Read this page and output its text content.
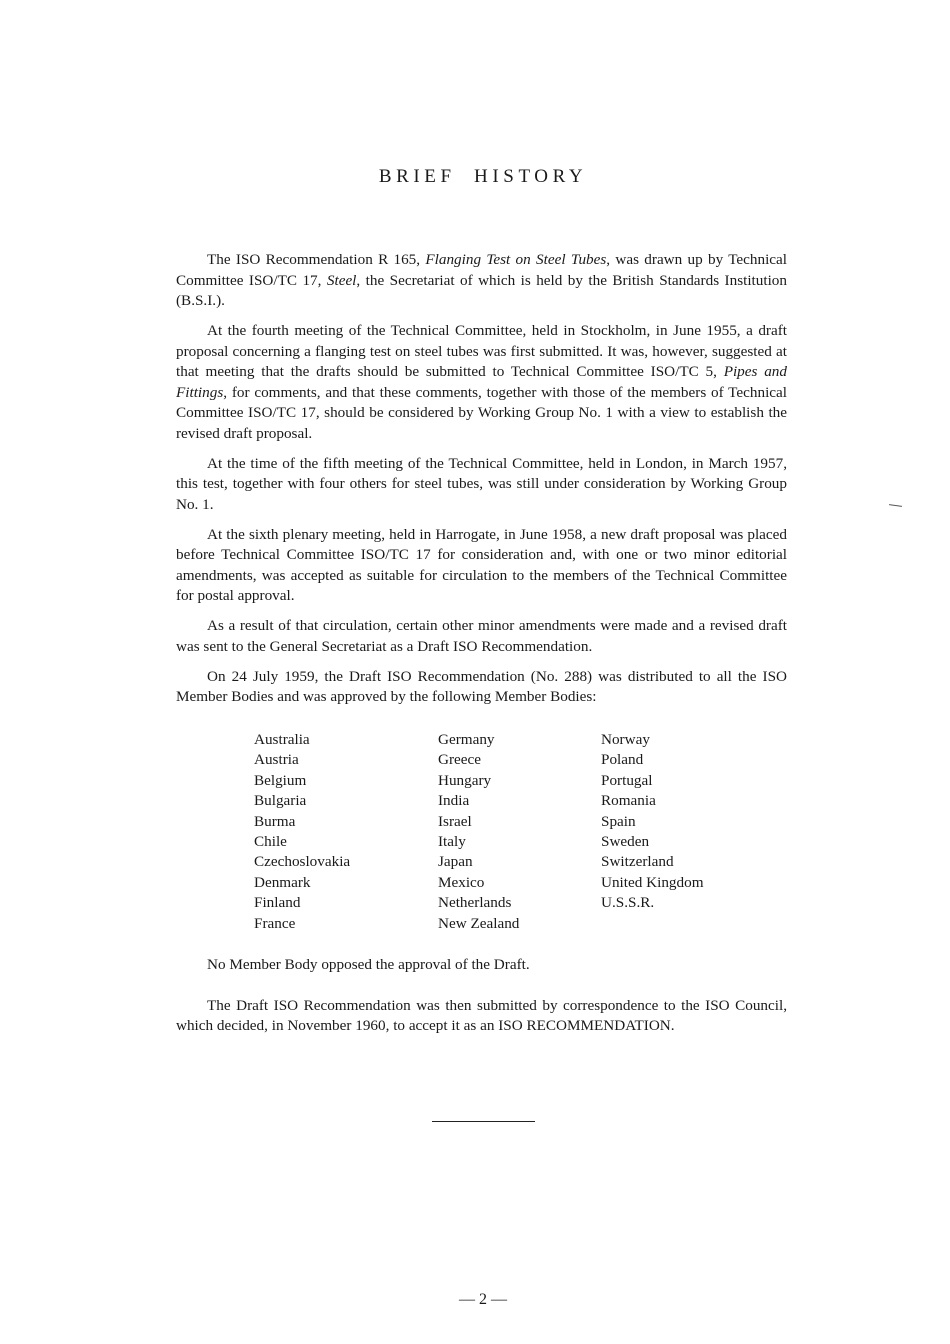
BRIEF HISTORY

The ISO Recommendation R 165, Flanging Test on Steel Tubes, was drawn up by Technical Committee ISO/TC 17, Steel, the Secretariat of which is held by the British Standards Institution (B.S.I.).

At the fourth meeting of the Technical Committee, held in Stockholm, in June 1955, a draft proposal concerning a flanging test on steel tubes was first submitted. It was, however, suggested at that meeting that the drafts should be submitted to Technical Committee ISO/TC 5, Pipes and Fittings, for comments, and that these comments, together with those of the members of Technical Committee ISO/TC 17, should be considered by Working Group No. 1 with a view to establish the revised draft proposal.

At the time of the fifth meeting of the Technical Committee, held in London, in March 1957, this test, together with four others for steel tubes, was still under consideration by Working Group No. 1.

At the sixth plenary meeting, held in Harrogate, in June 1958, a new draft proposal was placed before Technical Committee ISO/TC 17 for consideration and, with one or two minor editorial amendments, was accepted as suitable for circulation to the members of the Technical Committee for postal approval.

As a result of that circulation, certain other minor amendments were made and a revised draft was sent to the General Secretariat as a Draft ISO Recommendation.

On 24 July 1959, the Draft ISO Recommendation (No. 288) was distributed to all the ISO Member Bodies and was approved by the following Member Bodies:

Australia
Austria
Belgium
Bulgaria
Burma
Chile
Czechoslovakia
Denmark
Finland
France
Germany
Greece
Hungary
India
Israel
Italy
Japan
Mexico
Netherlands
New Zealand
Norway
Poland
Portugal
Romania
Spain
Sweden
Switzerland
United Kingdom
U.S.S.R.

No Member Body opposed the approval of the Draft.

The Draft ISO Recommendation was then submitted by correspondence to the ISO Council, which decided, in November 1960, to accept it as an ISO RECOMMENDATION.

— 2 —
